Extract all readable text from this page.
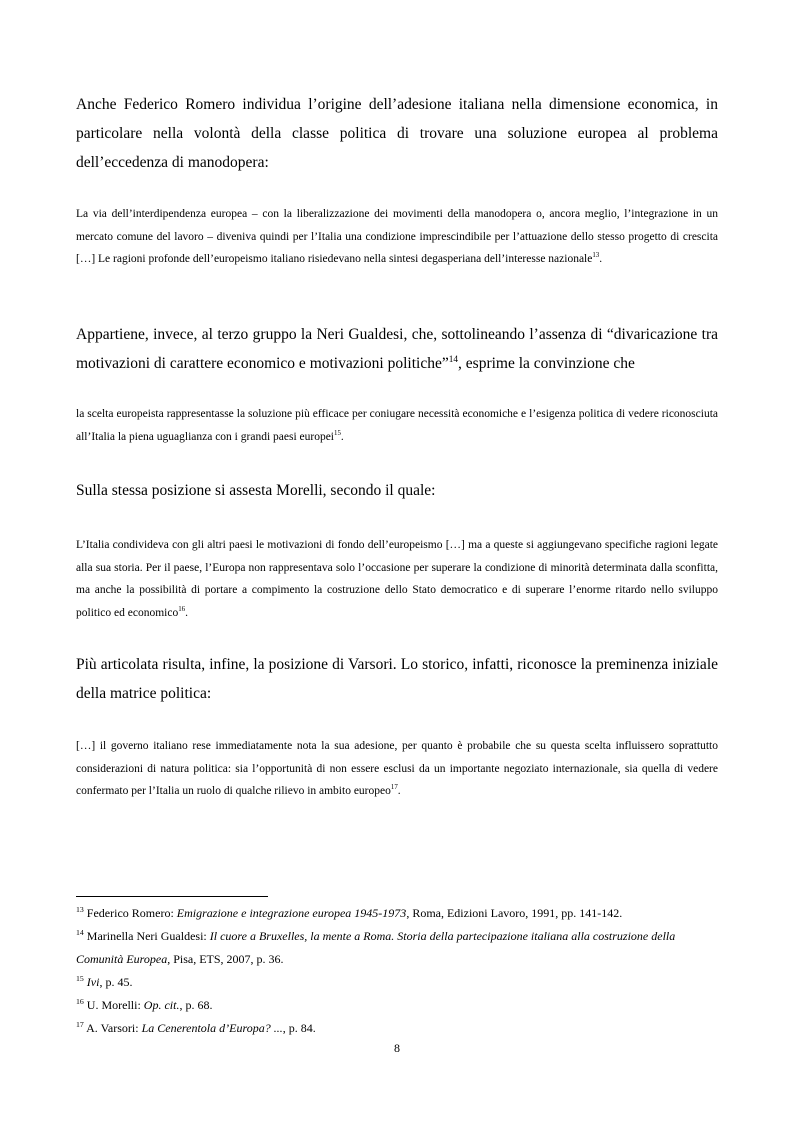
Anche Federico Romero individua l’origine dell’adesione italiana nella dimensione economica, in particolare nella volontà della classe politica di trovare una soluzione europea al problema dell’eccedenza di manodopera:

La via dell’interdipendenza europea – con la liberalizzazione dei movimenti della manodopera o, ancora meglio, l’integrazione in un mercato comune del lavoro – diveniva quindi per l’Italia una condizione imprescindibile per l’attuazione dello stesso progetto di crescita […] Le ragioni profonde dell’europeismo italiano risiedevano nella sintesi degasperiana dell’interesse nazionale$^{13}$.

Appartiene, invece, al terzo gruppo la Neri Gualdesi, che, sottolineando l’assenza di “divaricazione tra motivazioni di carattere economico e motivazioni politiche”$^{14}$, esprime la convinzione che

la scelta europeista rappresentasse la soluzione più efficace per coniugare necessità economiche e l’esigenza politica di vedere riconosciuta all’Italia la piena uguaglianza con i grandi paesi europei$^{15}$.

Sulla stessa posizione si assesta Morelli, secondo il quale:

L’Italia condivideva con gli altri paesi le motivazioni di fondo dell’europeismo […] ma a queste si aggiungevano specifiche ragioni legate alla sua storia. Per il paese, l’Europa non rappresentava solo l’occasione per superare la condizione di minorità determinata dalla sconfitta, ma anche la possibilità di portare a compimento la costruzione dello Stato democratico e di superare l’enorme ritardo nello sviluppo politico ed economico$^{16}$.

Più articolata risulta, infine, la posizione di Varsori. Lo storico, infatti, riconosce la preminenza iniziale della matrice politica:

[…] il governo italiano rese immediatamente nota la sua adesione, per quanto è probabile che su questa scelta influissero soprattutto considerazioni di natura politica: sia l’opportunità di non essere esclusi da un importante negoziato internazionale, sia quella di vedere confermato per l’Italia un ruolo di qualche rilievo in ambito europeo$^{17}$.

$^{13}$ Federico Romero: Emigrazione e integrazione europea 1945-1973, Roma, Edizioni Lavoro, 1991, pp. 141-142.

$^{14}$ Marinella Neri Gualdesi: Il cuore a Bruxelles, la mente a Roma. Storia della partecipazione italiana alla costruzione della Comunità Europea, Pisa, ETS, 2007, p. 36.

$^{15}$ Ivi, p. 45.

$^{16}$ U. Morelli: Op. cit., p. 68.

$^{17}$ A. Varsori: La Cenerentola d’Europa? ..., p. 84.

8
